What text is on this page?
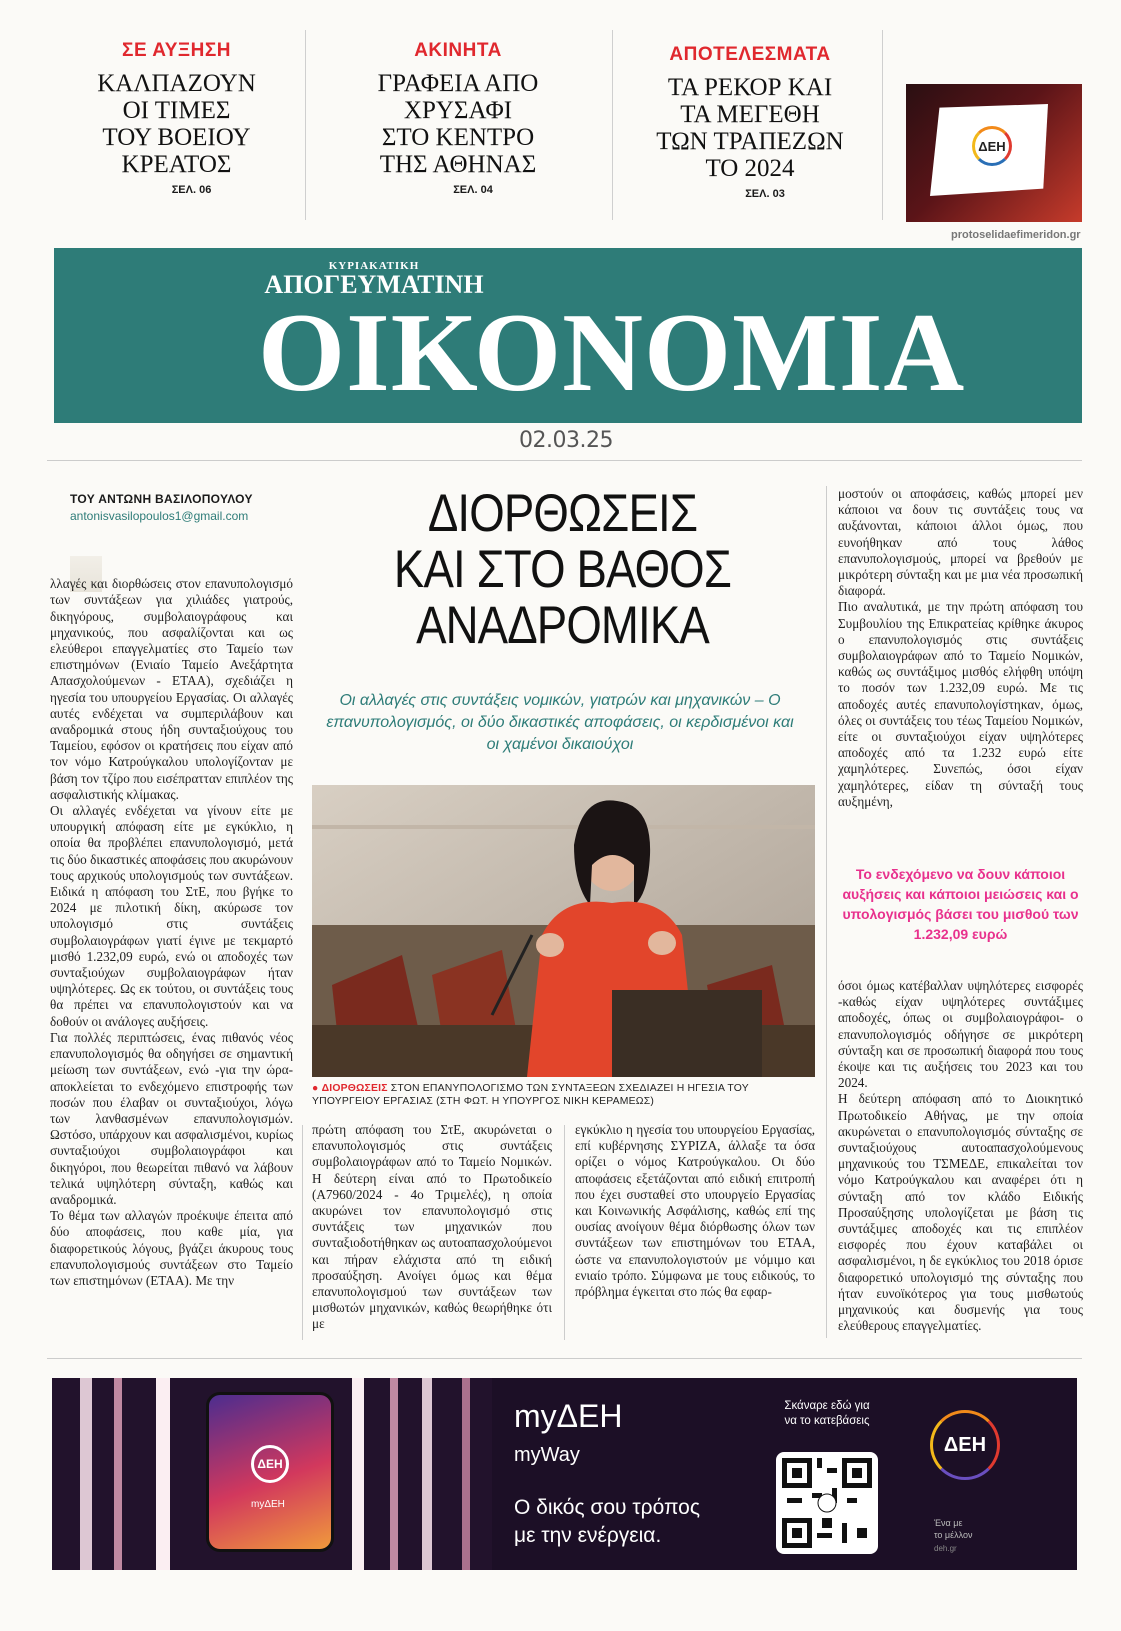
ΣΕ ΑΥΞΗΣΗ
ΚΑΛΠΑΖΟΥΝ
ΟΙ ΤΙΜΕΣ
ΤΟΥ ΒΟΕΙΟΥ
ΚΡΕΑΤΟΣ
ΣΕΛ. 06
ΑΚΙΝΗΤΑ
ΓΡΑΦΕΙΑ ΑΠΟ
ΧΡΥΣΑΦΙ
ΣΤΟ ΚΕΝΤΡΟ
ΤΗΣ ΑΘΗΝΑΣ
ΣΕΛ. 04
ΑΠΟΤΕΛΕΣΜΑΤΑ
ΤΑ ΡΕΚΟΡ ΚΑΙ
ΤΑ ΜΕΓΕΘΗ
ΤΩΝ ΤΡΑΠΕΖΩΝ
ΤΟ 2024
ΣΕΛ. 03
ΔΕΗ
protoselidaefimeridon.gr
ΚΥΡΙΑΚΑΤΙΚΗ
ΑΠΟΓΕΥΜΑΤΙΝΗ
ΟΙΚΟΝΟΜΙΑ
02.03.25
ΤΟΥ ΑΝΤΩΝΗ ΒΑΣΙΛΟΠΟΥΛΟΥ
antonisvasilopoulos1@gmail.com

λλαγές και διορθώσεις στον επανυπολογισμό των συντάξεων για χιλιάδες γιατρούς, δικηγόρους, συμβολαιογράφους και μηχανικούς, που ασφαλίζονται και ως ελεύθεροι επαγγελματίες στο Ταμείο των επιστημόνων (Ενιαίο Ταμείο Ανεξάρτητα Απασχολούμενων - ΕΤΑΑ), σχεδιάζει η ηγεσία του υπουργείου Εργασίας. Οι αλλαγές αυτές ενδέχεται να συμπεριλάβουν και αναδρομικά στους ήδη συνταξιούχους του Ταμείου, εφόσον οι κρατήσεις που είχαν από τον νόμο Κατρούγκαλου υπολογίζονταν με βάση τον τζίρο που εισέπρατταν επιπλέον της ασφαλιστικής κλίμακας.
Οι αλλαγές ενδέχεται να γίνουν είτε με υπουργική απόφαση είτε με εγκύκλιο, η οποία θα προβλέπει επανυπολογισμό, μετά τις δύο δικαστικές αποφάσεις που ακυρώνουν τους αρχικούς υπολογισμούς των συντάξεων. Ειδικά η απόφαση του ΣτΕ, που βγήκε το 2024 με πιλοτική δίκη, ακύρωσε τον υπολογισμό στις συντάξεις συμβολαιογράφων γιατί έγινε με τεκμαρτό μισθό 1.232,09 ευρώ, ενώ οι αποδοχές των συνταξιούχων συμβολαιογράφων ήταν υψηλότερες. Ως εκ τούτου, οι συντάξεις τους θα πρέπει να επανυπολογιστούν και να δοθούν οι ανάλογες αυξήσεις.
Για πολλές περιπτώσεις, ένας πιθανός νέος επανυπολογισμός θα οδηγήσει σε σημαντική μείωση των συντάξεων, ενώ -για την ώρα- αποκλείεται το ενδεχόμενο επιστροφής των ποσών που έλαβαν οι συνταξιούχοι, λόγω των λανθασμένων επανυπολογισμών. Ωστόσο, υπάρχουν και ασφαλισμένοι, κυρίως συνταξιούχοι συμβολαιογράφοι και δικηγόροι, που θεωρείται πιθανό να λάβουν τελικά υψηλότερη σύνταξη, καθώς και αναδρομικά.
Το θέμα των αλλαγών προέκυψε έπειτα από δύο αποφάσεις, που καθε μία, για διαφορετικούς λόγους, βγάζει άκυρους τους επανυπολογισμούς συντάξεων στο Ταμείο των επιστημόνων (ΕΤΑΑ). Με την

ΔΙΟΡΘΩΣΕΙΣ
ΚΑΙ ΣΤΟ ΒΑΘΟΣ
ΑΝΑΔΡΟΜΙΚΑ
Οι αλλαγές στις συντάξεις νομικών, γιατρών και μηχανικών – Ο επανυπολογισμός, οι δύο δικαστικές αποφάσεις, οι κερδισμένοι και οι χαμένοι δικαιούχοι
● ΔΙΟΡΘΩΣΕΙΣ ΣΤΟΝ ΕΠΑΝΥΠΟΛΟΓΙΣΜΟ ΤΩΝ ΣΥΝΤΑΞΕΩΝ ΣΧΕΔΙΑΖΕΙ Η ΗΓΕΣΙΑ ΤΟΥ ΥΠΟΥΡΓΕΙΟΥ ΕΡΓΑΣΙΑΣ (ΣΤΗ ΦΩΤ. Η ΥΠΟΥΡΓΟΣ ΝΙΚΗ ΚΕΡΑΜΕΩΣ)
πρώτη απόφαση του ΣτΕ, ακυρώνεται ο επανυπολογισμός στις συντάξεις συμβολαιογράφων από το Ταμείο Νομικών. Η δεύτερη είναι από το Πρωτοδικείο (Α7960/2024 - 4ο Τριμελές), η οποία ακυρώνει τον επανυπολογισμό στις συντάξεις των μηχανικών που συνταξιοδοτήθηκαν ως αυτοαπασχολούμενοι και πήραν ελάχιστα από τη ειδική προσαύξηση. Ανοίγει όμως και θέμα επανυπολογισμού των συντάξεων των μισθωτών μηχανικών, καθώς θεωρήθηκε ότι με
εγκύκλιο η ηγεσία του υπουργείου Εργασίας, επί κυβέρνησης ΣΥΡΙΖΑ, άλλαξε τα όσα ορίζει ο νόμος Κατρούγκαλου. Οι δύο αποφάσεις εξετάζονται από ειδική επιτροπή που έχει συσταθεί στο υπουργείο Εργασίας και Κοινωνικής Ασφάλισης, καθώς επί της ουσίας ανοίγουν θέμα διόρθωσης όλων των συντάξεων των επιστημόνων του ΕΤΑΑ, ώστε να επανυπολογιστούν με νόμιμο και ενιαίο τρόπο. Σύμφωνα με τους ειδικούς, το πρόβλημα έγκειται στο πώς θα εφαρ-
μοστούν οι αποφάσεις, καθώς μπορεί μεν κάποιοι να δουν τις συντάξεις τους να αυξάνονται, κάποιοι άλλοι όμως, που ευνοήθηκαν από τους λάθος επανυπολογισμούς, μπορεί να βρεθούν με μικρότερη σύνταξη και με μια νέα προσωπική διαφορά.
Πιο αναλυτικά, με την πρώτη απόφαση του Συμβουλίου της Επικρατείας κρίθηκε άκυρος ο επανυπολογισμός στις συντάξεις συμβολαιογράφων από το Ταμείο Νομικών, καθώς ως συντάξιμος μισθός ελήφθη υπόψη το ποσόν των 1.232,09 ευρώ. Με τις αποδοχές αυτές επανυπολογίστηκαν, όμως, όλες οι συντάξεις του τέως Ταμείου Νομικών, είτε οι συνταξιούχοι είχαν υψηλότερες αποδοχές από τα 1.232 ευρώ είτε χαμηλότερες. Συνεπώς, όσοι είχαν χαμηλότερες, είδαν τη σύνταξή τους αυξημένη,
Το ενδεχόμενο να δουν κάποιοι αυξήσεις και κάποιοι μειώσεις και ο υπολογισμός βάσει του μισθού των 1.232,09 ευρώ
όσοι όμως κατέβαλλαν υψηλότερες εισφορές -καθώς είχαν υψηλότερες συντάξιμες αποδοχές, όπως οι συμβολαιογράφοι- ο επανυπολογισμός οδήγησε σε μικρότερη σύνταξη και σε προσωπική διαφορά που τους έκοψε και τις αυξήσεις του 2023 και του 2024.
Η δεύτερη απόφαση από το Διοικητικό Πρωτοδικείο Αθήνας, με την οποία ακυρώνεται ο επανυπολογισμός σύνταξης σε συνταξιούχους αυτοαπασχολούμενους μηχανικούς του ΤΣΜΕΔΕ, επικαλείται τον νόμο Κατρούγκαλου και αναφέρει ότι η σύνταξη από τον κλάδο Ειδικής Προσαύξησης υπολογίζεται με βάση τις συντάξιμες αποδοχές και τις επιπλέον εισφορές που έχουν καταβάλει οι ασφαλισμένοι, η δε εγκύκλιος του 2018 όρισε διαφορετικό υπολογισμό της σύνταξης που ήταν ευνοϊκότερος για τους μισθωτούς μηχανικούς και δυσμενής για τους ελεύθερους επαγγελματίες.
ΔΕΗ
myΔΕΗ
myΔΕΗ
myWay
Ο δικός σου τρόπος
με την ενέργεια.
Σκάναρε εδώ για
να το κατεβάσεις
ΔΕΗ
Ένα με
το μέλλον
deh.gr
